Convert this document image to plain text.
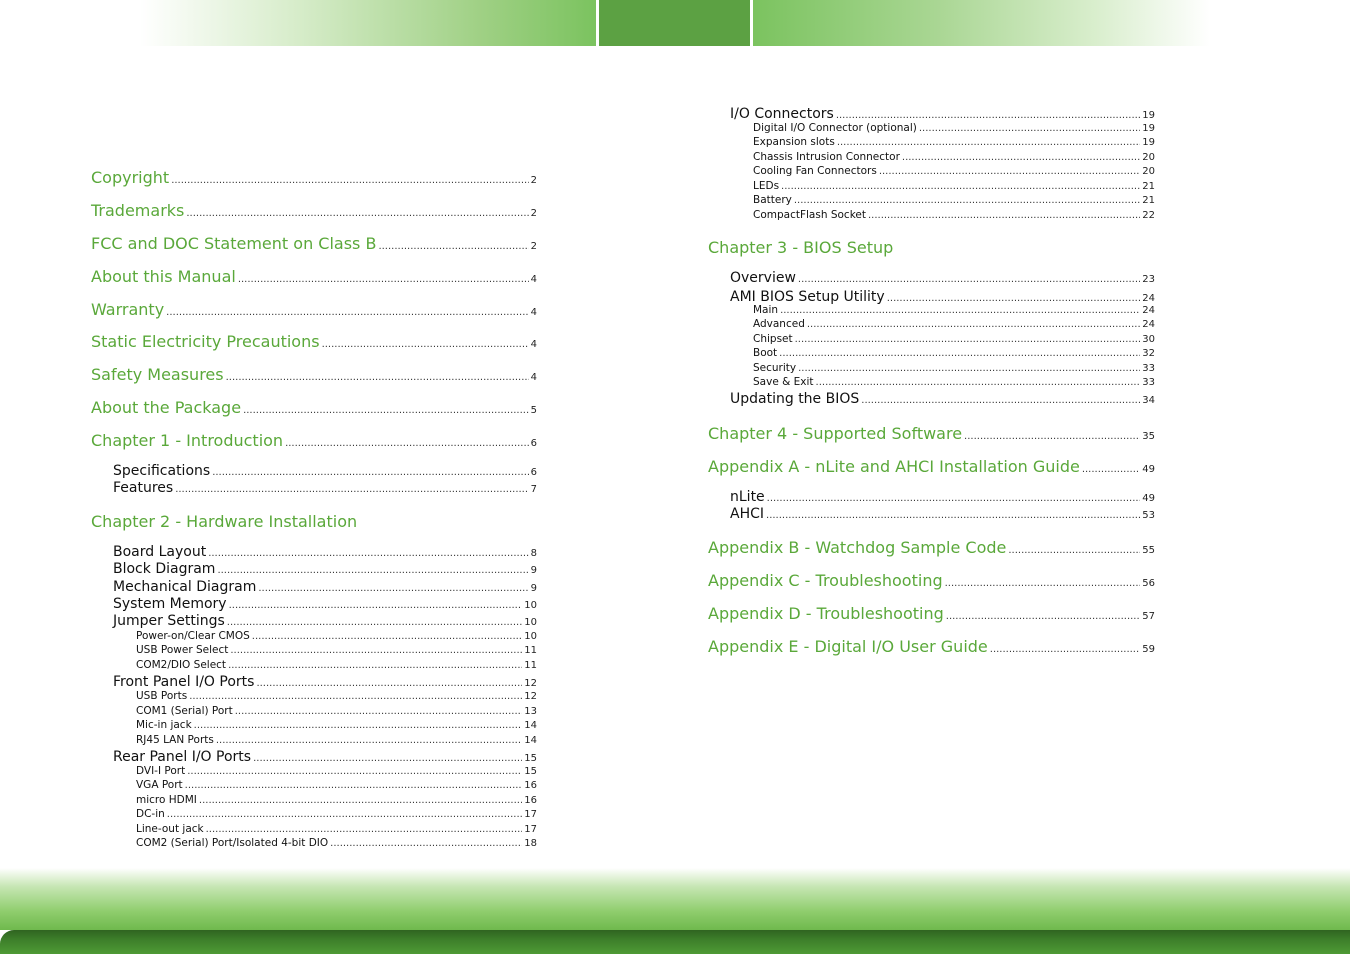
Copyright .....	2
Trademarks .....	2
FCC and DOC Statement on Class B .....	2
About this Manual .....	4
Warranty .....	4
Static Electricity Precautions .....	4
Safety Measures .....	4
About the Package .....	5
Chapter 1 - Introduction .....	6
Specifications .....	6
Features .....	7
Chapter 2 - Hardware Installation
Board Layout .....	8
Block Diagram .....	9
Mechanical Diagram .....	9
System Memory .....	10
Jumper Settings .....	10
Power-on/Clear CMOS .....	10
USB Power Select .....	11
COM2/DIO Select .....	11
Front Panel I/O Ports .....	12
USB Ports .....	12
COM1 (Serial) Port .....	13
Mic-in jack .....	14
RJ45 LAN Ports .....	14
Rear Panel I/O Ports .....	15
DVI-I Port .....	15
VGA Port .....	16
micro HDMI .....	16
DC-in .....	17
Line-out jack .....	17
COM2 (Serial) Port/Isolated 4-bit DIO .....	18
I/O Connectors .....	19
Digital I/O Connector (optional) .....	19
Expansion slots .....	19
Chassis Intrusion Connector .....	20
Cooling Fan Connectors .....	20
LEDs .....	21
Battery .....	21
CompactFlash Socket .....	22
Chapter 3 - BIOS Setup
Overview .....	23
AMI BIOS Setup Utility .....	24
Main .....	24
Advanced .....	24
Chipset .....	30
Boot .....	32
Security .....	33
Save & Exit .....	33
Updating the BIOS .....	34
Chapter 4 - Supported Software .....	35
Appendix A - nLite and AHCI Installation Guide .....	49
nLite .....	49
AHCI .....	53
Appendix B - Watchdog Sample Code .....	55
Appendix C - Troubleshooting .....	56
Appendix D - Troubleshooting .....	57
Appendix E - Digital I/O User Guide .....	59
